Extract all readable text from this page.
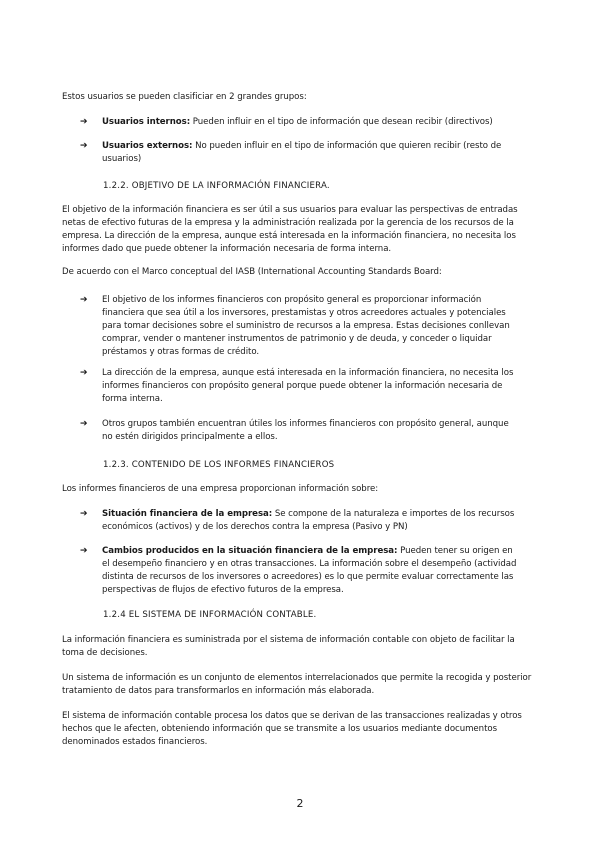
Estos usuarios se pueden clasificiar en 2 grandes grupos:

➔	Usuarios internos: Pueden influir en el tipo de información que desean recibir (directivos)
➔	Usuarios externos: No pueden influir en el tipo de información que quieren recibir (resto de usuarios)
1.2.2. OBJETIVO DE LA INFORMACIÓN FINANCIERA.

El objetivo de la información financiera es ser útil a sus usuarios para evaluar las perspectivas de entradas netas de efectivo futuras de la empresa y la administración realizada por la gerencia de los recursos de la empresa. La dirección de la empresa, aunque está interesada en la información financiera, no necesita los informes dado que puede obtener la información necesaria de forma interna.

De acuerdo con el Marco conceptual del IASB (International Accounting Standards Board:

➔	El objetivo de los informes financieros con propósito general es proporcionar información financiera que sea útil a los inversores, prestamistas y otros acreedores actuales y potenciales para tomar decisiones sobre el suministro de recursos a la empresa. Estas decisiones conllevan comprar, vender o mantener instrumentos de patrimonio y de deuda, y conceder o liquidar préstamos y otras formas de crédito.
➔	La dirección de la empresa, aunque está interesada en la información financiera, no necesita los informes financieros con propósito general porque puede obtener la información necesaria de forma interna.
➔	Otros grupos también encuentran útiles los informes financieros con propósito general, aunque no estén dirigidos principalmente a ellos.
1.2.3. CONTENIDO DE LOS INFORMES FINANCIEROS

Los informes financieros de una empresa proporcionan información sobre:

➔	Situación financiera de la empresa: Se compone de la naturaleza e importes de los recursos económicos (activos) y de los derechos contra la empresa (Pasivo y PN)
➔	Cambios producidos en la situación financiera de la empresa: Pueden tener su origen en el desempeño financiero y en otras transacciones. La información sobre el desempeño (actividad distinta de recursos de los inversores o acreedores) es lo que permite evaluar correctamente las perspectivas de flujos de efectivo futuros de la empresa.
1.2.4 EL SISTEMA DE INFORMACIÓN CONTABLE.

La información financiera es suministrada por el sistema de información contable con objeto de facilitar la toma de decisiones.

Un sistema de información es un conjunto de elementos interrelacionados que permite la recogida y posterior tratamiento de datos para transformarlos en información más elaborada.

El sistema de información contable procesa los datos que se derivan de las transacciones realizadas y otros hechos que le afecten, obteniendo información que se transmite a los usuarios mediante documentos denominados estados financieros.

2
